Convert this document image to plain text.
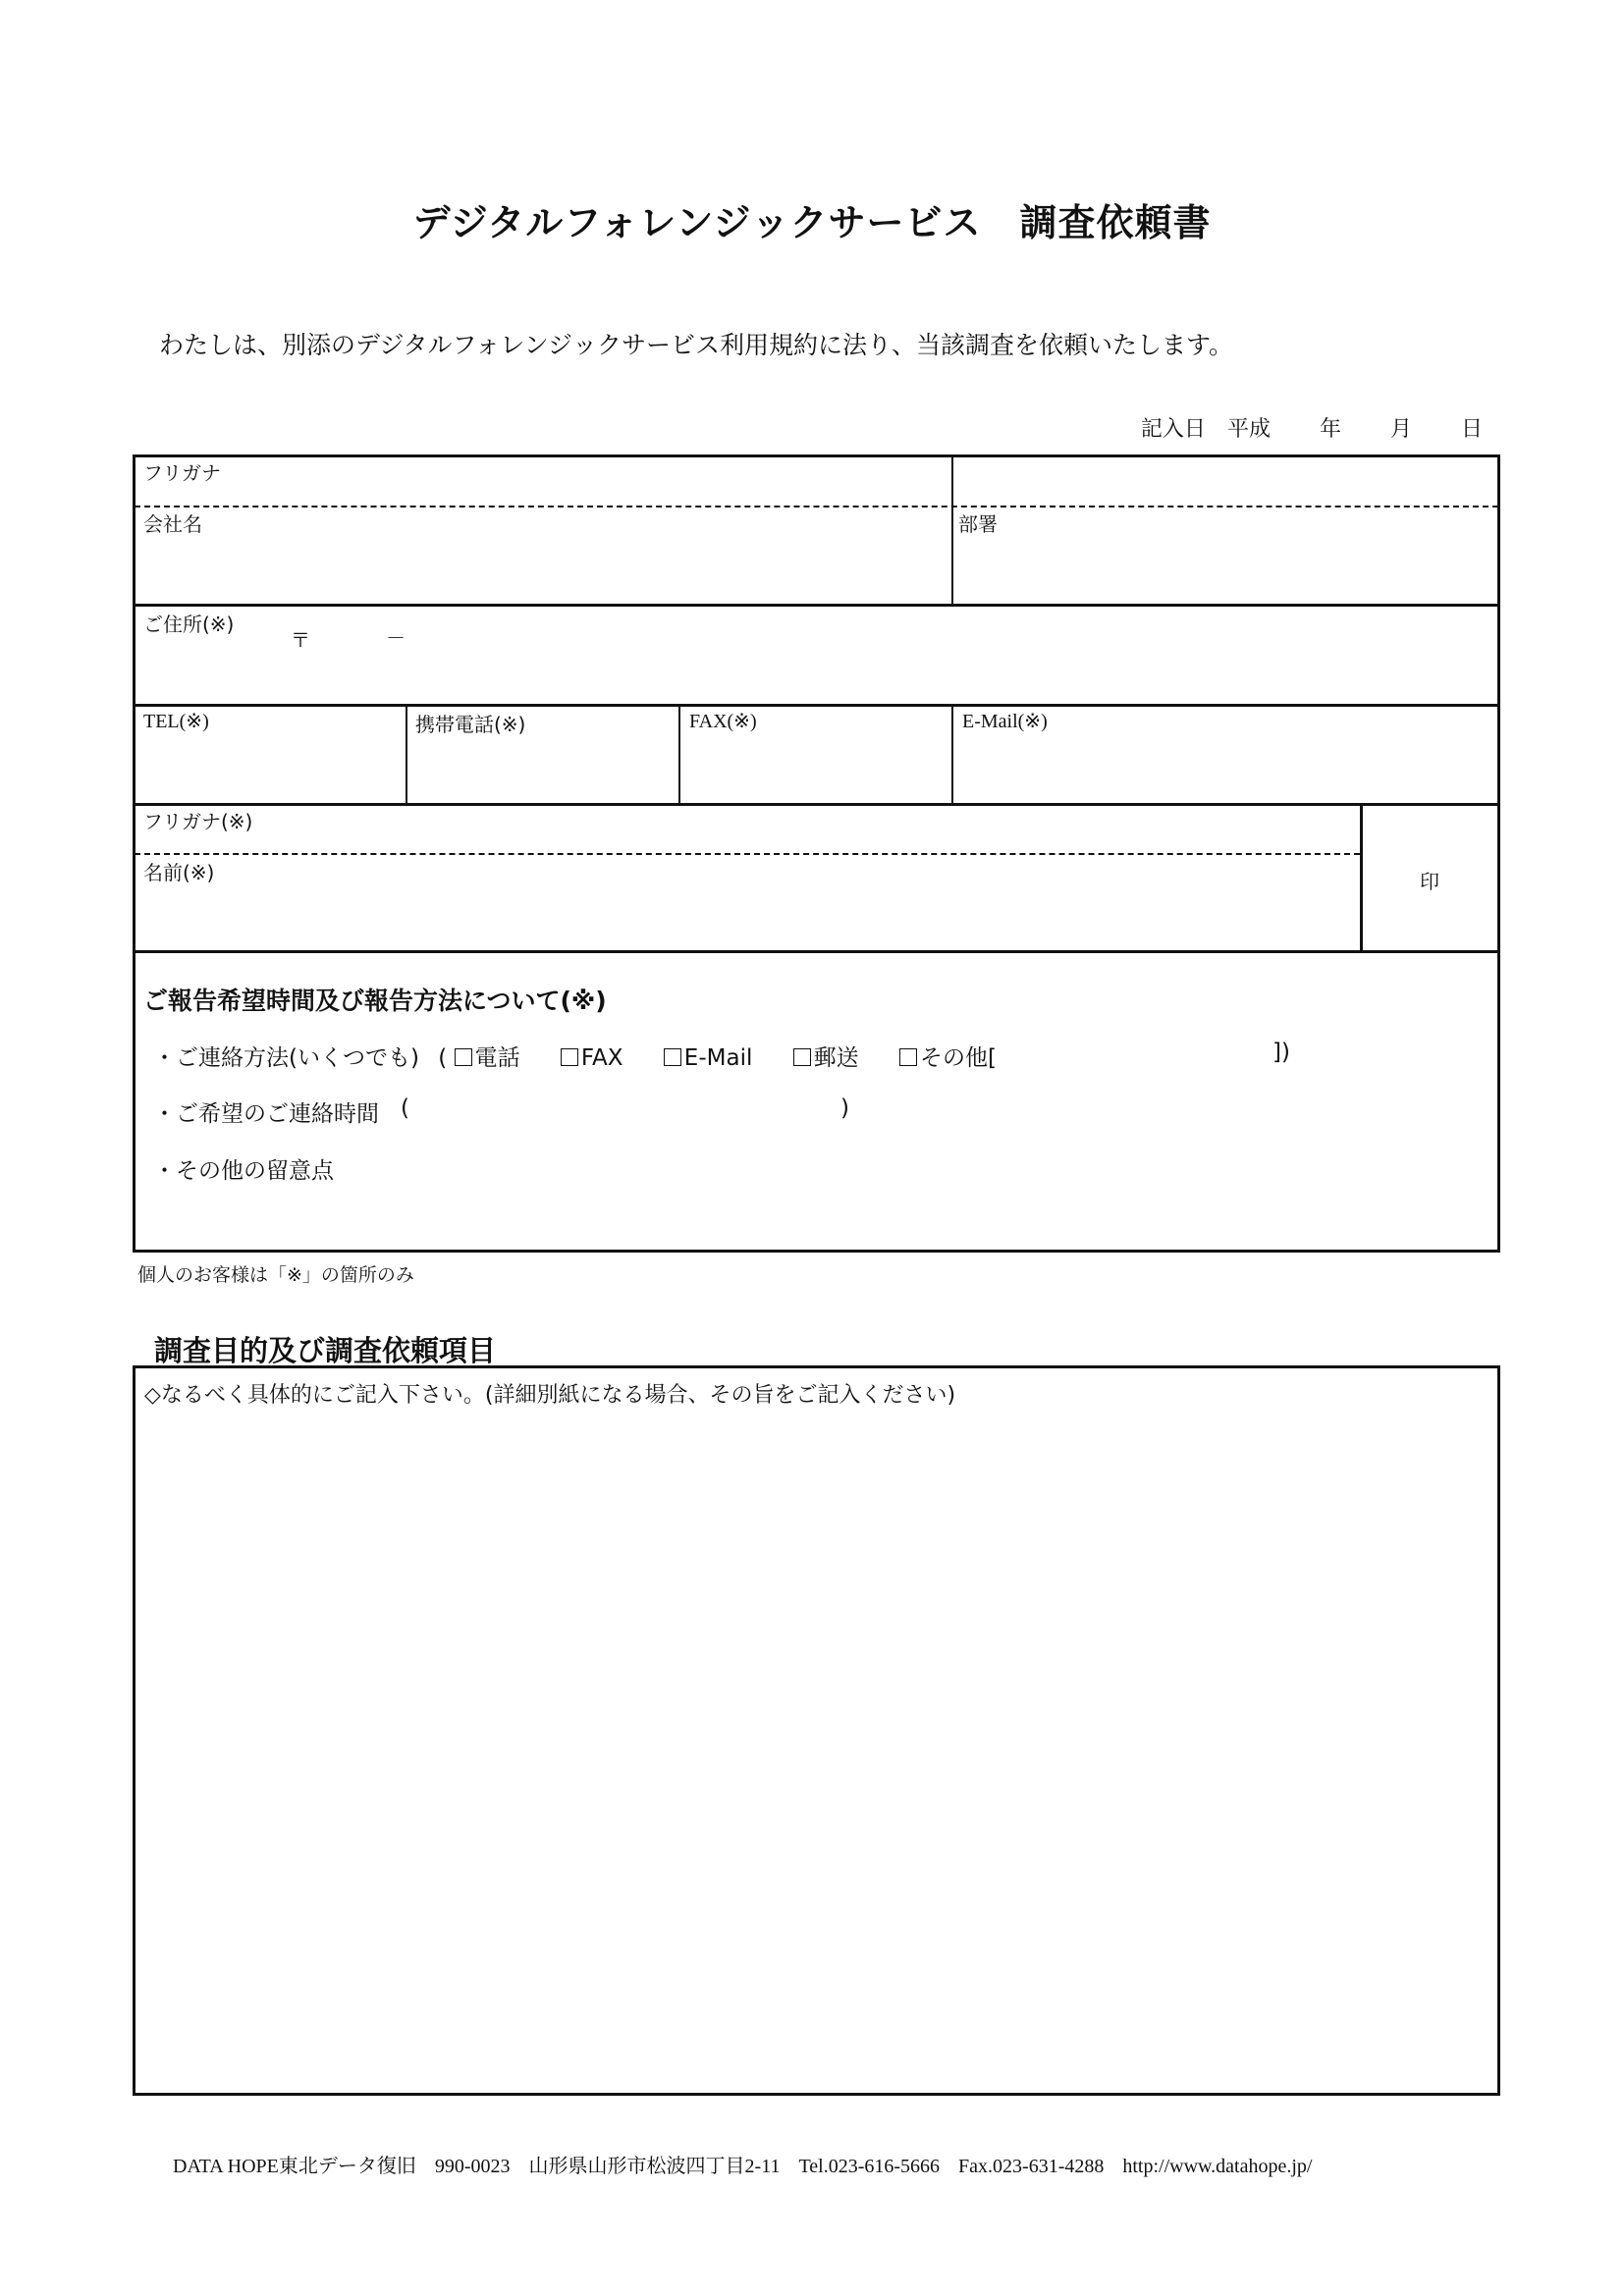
デジタルフォレンジックサービス　調査依頼書
わたしは、別添のデジタルフォレンジックサービス利用規約に法り、当該調査を依頼いたします。
記入日 平成 年 月 日
フリガナ
会社名	部署
ご住所(※)
〒	－
TEL(※)	携帯電話(※)	FAX(※)	E-Mail(※)
フリガナ(※)
名前(※)	印
ご報告希望時間及び報告方法について(※)
・ご連絡方法(いくつでも) ( 電話	FAX	E-Mail	郵送	その他[	])
・ご希望のご連絡時間 (	)
・その他の留意点
個人のお客様は「※」の箇所のみ
調査目的及び調査依頼項目
◇なるべく具体的にご記入下さい。(詳細別紙になる場合、その旨をご記入ください)
DATA HOPE東北データ復旧 990-0023 山形県山形市松波四丁目2-11 Tel.023-616-5666 Fax.023-631-4288 http://www.datahope.jp/
